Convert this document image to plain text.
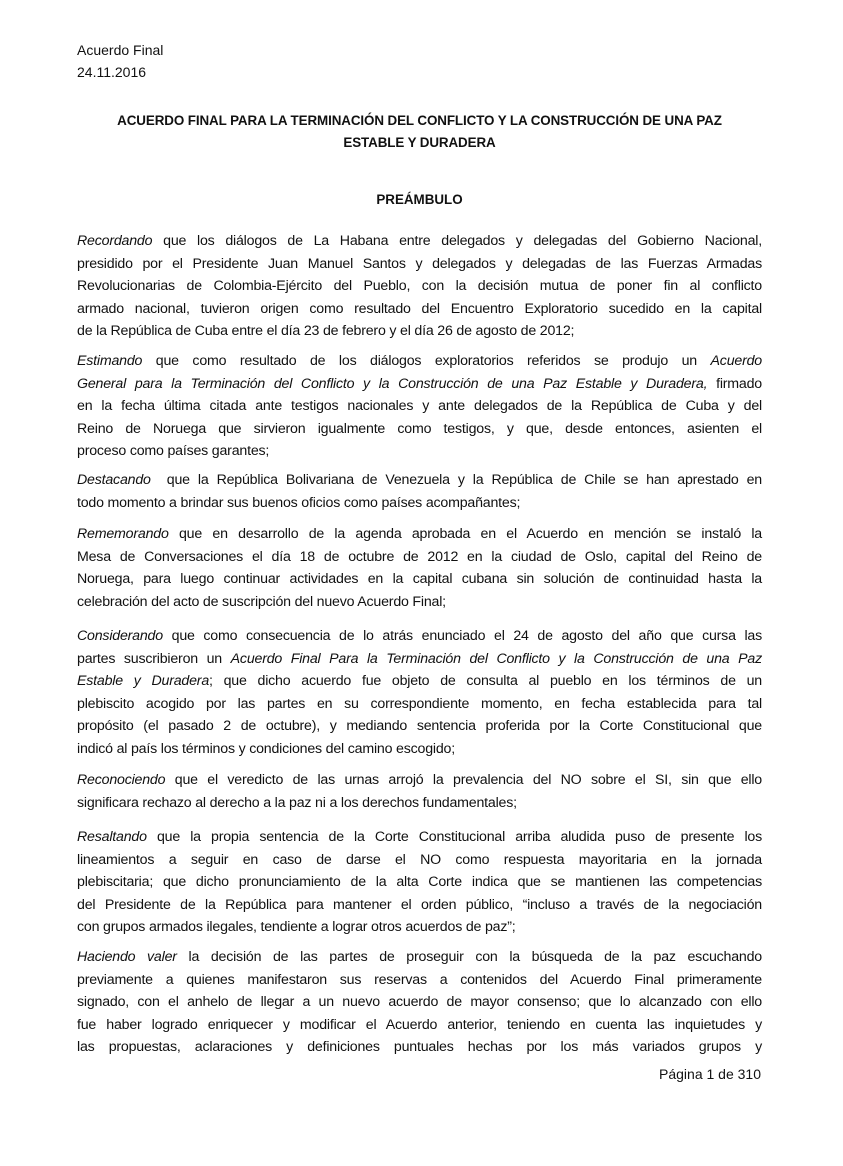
Acuerdo Final
24.11.2016
ACUERDO FINAL PARA LA TERMINACIÓN DEL CONFLICTO Y LA CONSTRUCCIÓN DE UNA PAZ
ESTABLE Y DURADERA
PREÁMBULO
Recordando que los diálogos de La Habana entre delegados y delegadas del Gobierno Nacional,
presidido por el Presidente Juan Manuel Santos y delegados y delegadas de las Fuerzas Armadas
Revolucionarias de Colombia-Ejército del Pueblo, con la decisión mutua de poner fin al conflicto
armado nacional, tuvieron origen como resultado del Encuentro Exploratorio sucedido en la capital
de la República de Cuba entre el día 23 de febrero y el día 26 de agosto de 2012;
Estimando que como resultado de los diálogos exploratorios referidos se produjo un Acuerdo
General para la Terminación del Conflicto y la Construcción de una Paz Estable y Duradera, firmado
en la fecha última citada ante testigos nacionales y ante delegados de la República de Cuba y del
Reino de Noruega que sirvieron igualmente como testigos, y que, desde entonces, asienten el
proceso como países garantes;
Destacando  que la República Bolivariana de Venezuela y la República de Chile se han aprestado en
todo momento a brindar sus buenos oficios como países acompañantes;
Rememorando que en desarrollo de la agenda aprobada en el Acuerdo en mención se instaló la
Mesa de Conversaciones el día 18 de octubre de 2012 en la ciudad de Oslo, capital del Reino de
Noruega, para luego continuar actividades en la capital cubana sin solución de continuidad hasta la
celebración del acto de suscripción del nuevo Acuerdo Final;
Considerando que como consecuencia de lo atrás enunciado el 24 de agosto del año que cursa las
partes suscribieron un Acuerdo Final Para la Terminación del Conflicto y la Construcción de una Paz
Estable y Duradera; que dicho acuerdo fue objeto de consulta al pueblo en los términos de un
plebiscito acogido por las partes en su correspondiente momento, en fecha establecida para tal
propósito (el pasado 2 de octubre), y mediando sentencia proferida por la Corte Constitucional que
indicó al país los términos y condiciones del camino escogido;
Reconociendo que el veredicto de las urnas arrojó la prevalencia del NO sobre el SI, sin que ello
significara rechazo al derecho a la paz ni a los derechos fundamentales;
Resaltando que la propia sentencia de la Corte Constitucional arriba aludida puso de presente los
lineamientos a seguir en caso de darse el NO como respuesta mayoritaria en la jornada
plebiscitaria; que dicho pronunciamiento de la alta Corte indica que se mantienen las competencias
del Presidente de la República para mantener el orden público, “incluso a través de la negociación
con grupos armados ilegales, tendiente a lograr otros acuerdos de paz”;
Haciendo valer la decisión de las partes de proseguir con la búsqueda de la paz escuchando
previamente a quienes manifestaron sus reservas a contenidos del Acuerdo Final primeramente
signado, con el anhelo de llegar a un nuevo acuerdo de mayor consenso; que lo alcanzado con ello
fue haber logrado enriquecer y modificar el Acuerdo anterior, teniendo en cuenta las inquietudes y
las propuestas, aclaraciones y definiciones puntuales hechas por los más variados grupos y
Página 1 de 310
